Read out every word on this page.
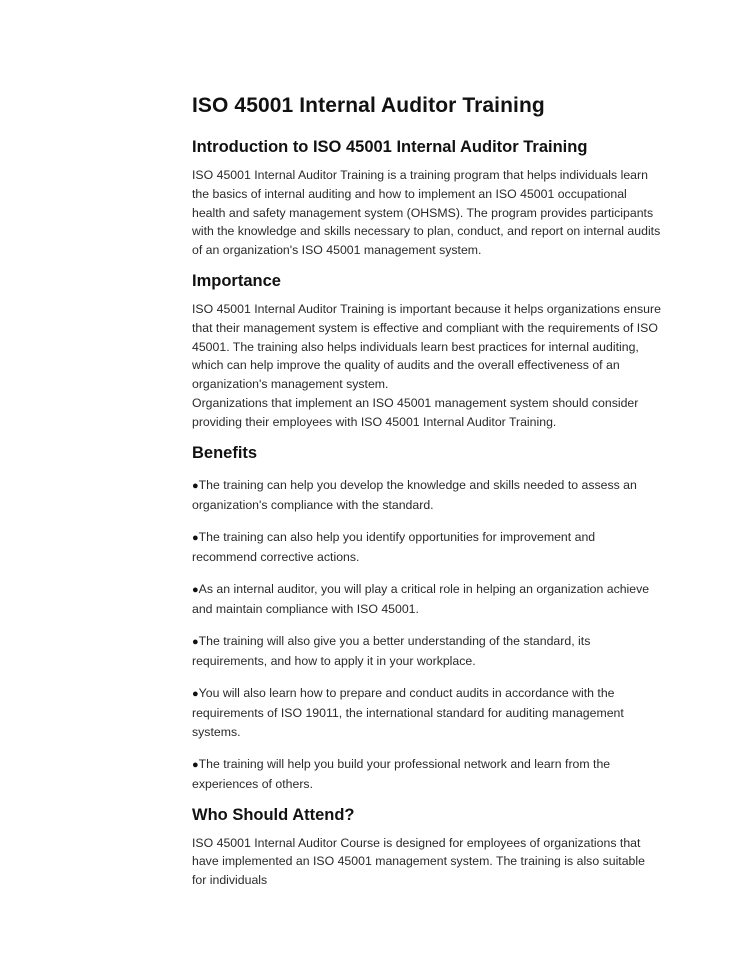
ISO 45001 Internal Auditor Training
Introduction to ISO 45001 Internal Auditor Training

ISO 45001 Internal Auditor Training is a training program that helps individuals learn the basics of internal auditing and how to implement an ISO 45001 occupational health and safety management system (OHSMS). The program provides participants with the knowledge and skills necessary to plan, conduct, and report on internal audits of an organization's ISO 45001 management system.

Importance

ISO 45001 Internal Auditor Training is important because it helps organizations ensure that their management system is effective and compliant with the requirements of ISO 45001. The training also helps individuals learn best practices for internal auditing, which can help improve the quality of audits and the overall effectiveness of an organization's management system.

Organizations that implement an ISO 45001 management system should consider providing their employees with ISO 45001 Internal Auditor Training.

Benefits
●The training can help you develop the knowledge and skills needed to assess an organization's compliance with the standard.
●The training can also help you identify opportunities for improvement and recommend corrective actions.
●As an internal auditor, you will play a critical role in helping an organization achieve and maintain compliance with ISO 45001.
●The training will also give you a better understanding of the standard, its requirements, and how to apply it in your workplace.
●You will also learn how to prepare and conduct audits in accordance with the requirements of ISO 19011, the international standard for auditing management systems.
●The training will help you build your professional network and learn from the experiences of others.
Who Should Attend?

ISO 45001 Internal Auditor Course is designed for employees of organizations that have implemented an ISO 45001 management system. The training is also suitable for individuals
